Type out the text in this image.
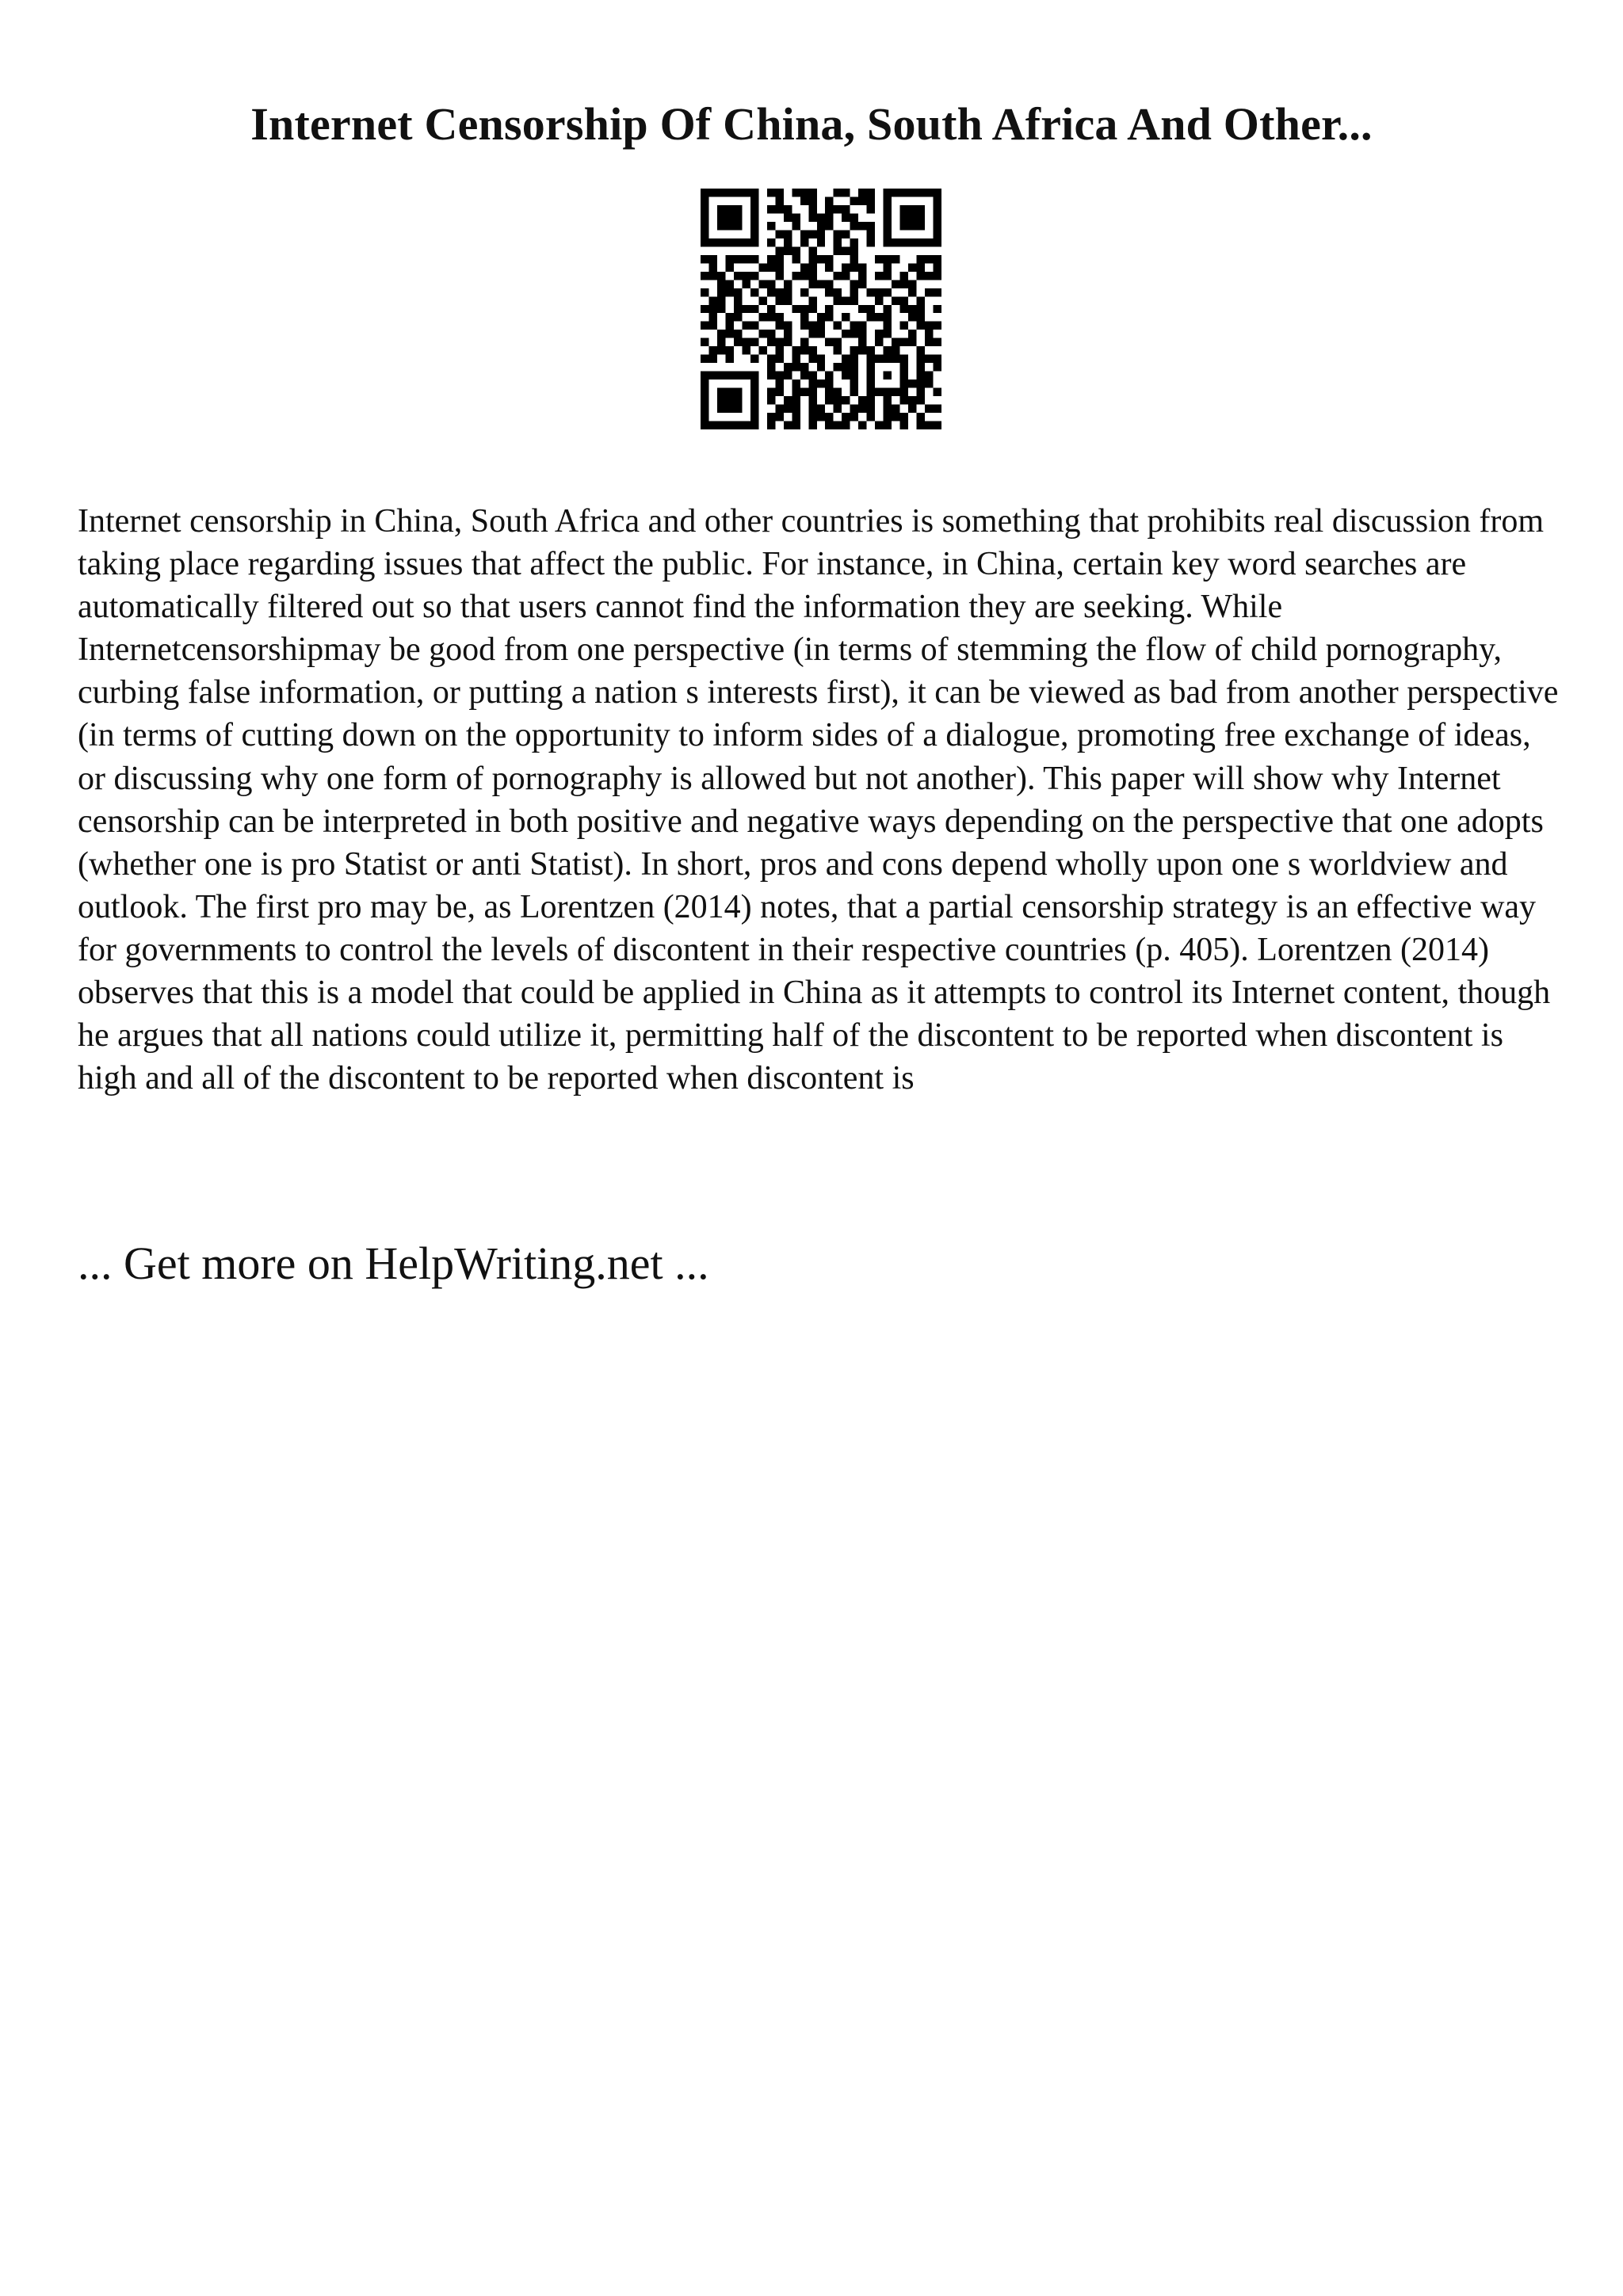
Internet Censorship Of China, South Africa And Other...

Internet censorship in China, South Africa and other countries is something that prohibits real discussion from taking place regarding issues that affect the public. For instance, in China, certain key word searches are automatically filtered out so that users cannot find the information they are seeking. While Internetcensorshipmay be good from one perspective (in terms of stemming the flow of child pornography, curbing false information, or putting a nation s interests first), it can be viewed as bad from another perspective (in terms of cutting down on the opportunity to inform sides of a dialogue, promoting free exchange of ideas, or discussing why one form of pornography is allowed but not another). This paper will show why Internet censorship can be interpreted in both positive and negative ways depending on the perspective that one adopts (whether one is pro Statist or anti Statist). In short, pros and cons depend wholly upon one s worldview and outlook. The first pro may be, as Lorentzen (2014) notes, that a partial censorship strategy is an effective way for governments to control the levels of discontent in their respective countries (p. 405). Lorentzen (2014) observes that this is a model that could be applied in China as it attempts to control its Internet content, though he argues that all nations could utilize it, permitting half of the discontent to be reported when discontent is high and all of the discontent to be reported when discontent is

... Get more on HelpWriting.net ...
